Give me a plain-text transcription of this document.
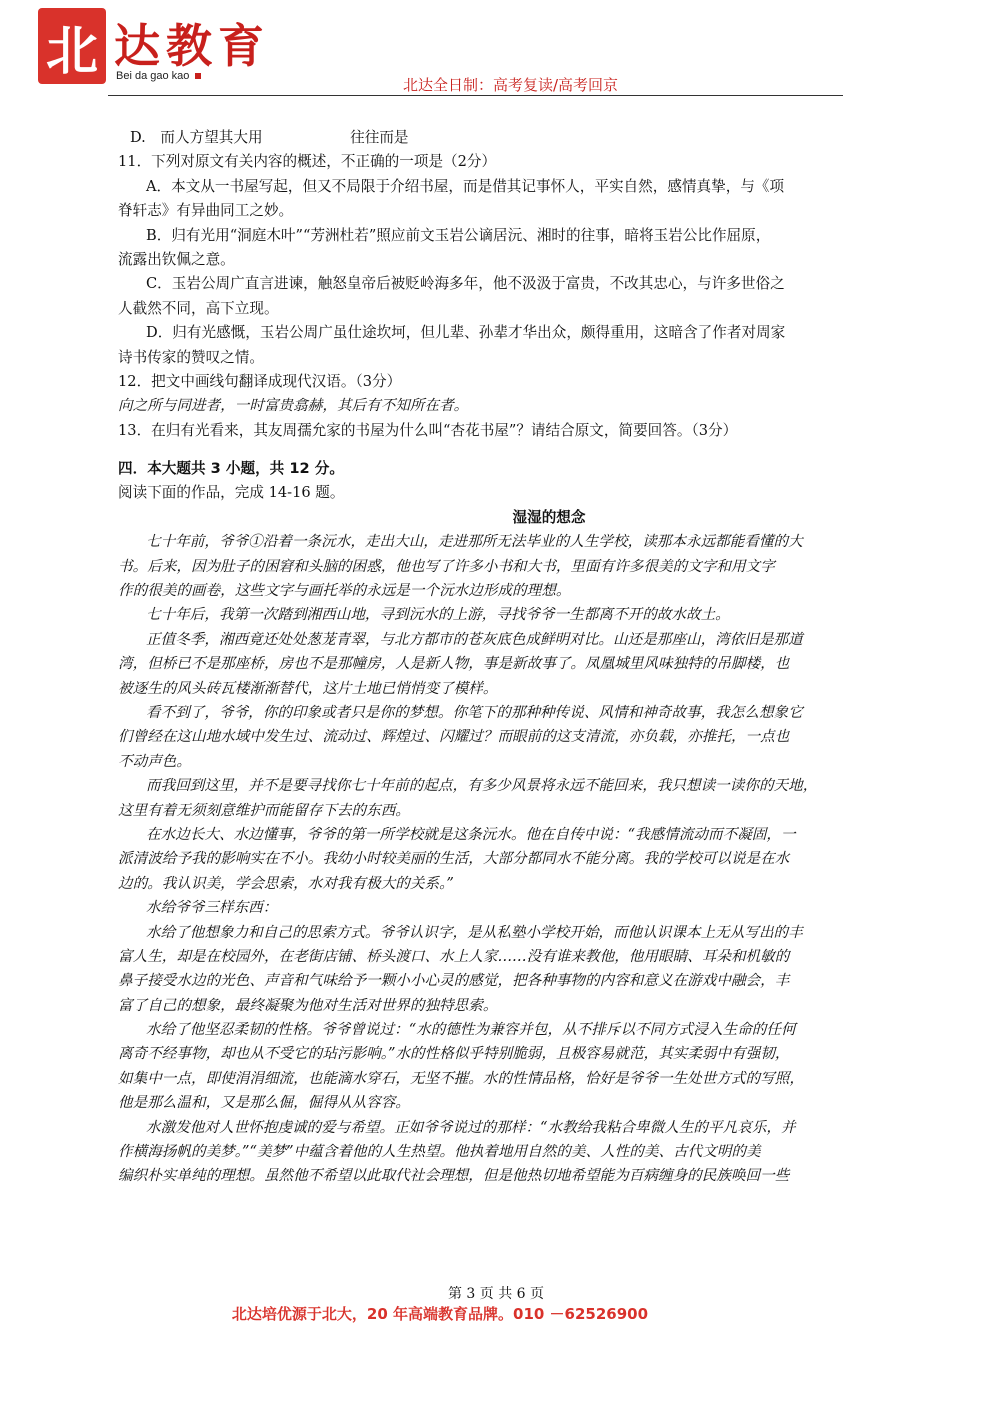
北 达教育
Bei da gao kao	北达全日制：高考复读/高考回京
D.　而人方望其大用　　　　　　往往而是
11．下列对原文有关内容的概述，不正确的一项是（2分）
A．本文从一书屋写起，但又不局限于介绍书屋，而是借其记事怀人，平实自然，感情真挚，与《项
脊轩志》有异曲同工之妙。
B．归有光用“洞庭木叶”“芳洲杜若”照应前文玉岩公谪居沅、湘时的往事，暗将玉岩公比作屈原，
流露出钦佩之意。
C．玉岩公周广直言进谏，触怒皇帝后被贬岭海多年，他不汲汲于富贵，不改其忠心，与许多世俗之
人截然不同，高下立现。
D．归有光感慨，玉岩公周广虽仕途坎坷，但儿辈、孙辈才华出众，颇得重用，这暗含了作者对周家
诗书传家的赞叹之情。
12．把文中画线句翻译成现代汉语。（3分）
向之所与同进者，一时富贵翕赫，其后有不知所在者。
13．在归有光看来，其友周孺允家的书屋为什么叫“杏花书屋”？请结合原文，简要回答。（3分）
四．本大题共 3 小题，共 12 分。
阅读下面的作品，完成 14-16 题。
湿湿的想念
七十年前，爷爷①沿着一条沅水，走出大山，走进那所无法毕业的人生学校，读那本永远都能看懂的大
书。后来，因为肚子的困窘和头脑的困惑，他也写了许多小书和大书，里面有许多很美的文字和用文字
作的很美的画卷，这些文字与画托举的永远是一个沅水边形成的理想。
七十年后，我第一次踏到湘西山地，寻到沅水的上游，寻找爷爷一生都离不开的故水故土。
正值冬季，湘西竟还处处葱茏青翠，与北方都市的苍灰底色成鲜明对比。山还是那座山，湾依旧是那道
湾，但桥已不是那座桥，房也不是那幢房，人是新人物，事是新故事了。凤凰城里风味独特的吊脚楼，也
被逐生的风头砖瓦楼渐渐替代，这片土地已悄悄变了模样。
看不到了，爷爷，你的印象或者只是你的梦想。你笔下的那种种传说、风情和神奇故事，我怎么想象它
们曾经在这山地水域中发生过、流动过、辉煌过、闪耀过？而眼前的这支清流，亦负载，亦推托，一点也
不动声色。
而我回到这里，并不是要寻找你七十年前的起点，有多少风景将永远不能回来，我只想读一读你的天地，
这里有着无须刻意维护而能留存下去的东西。
在水边长大、水边懂事，爷爷的第一所学校就是这条沅水。他在自传中说：“我感情流动而不凝固，一
派清波给予我的影响实在不小。我幼小时较美丽的生活，大部分都同水不能分离。我的学校可以说是在水
边的。我认识美，学会思索，水对我有极大的关系。”
水给爷爷三样东西：
水给了他想象力和自己的思索方式。爷爷认识字，是从私塾小学校开始，而他认识课本上无从写出的丰
富人生，却是在校园外，在老街店铺、桥头渡口、水上人家……没有谁来教他，他用眼睛、耳朵和机敏的
鼻子接受水边的光色、声音和气味给予一颗小小心灵的感觉，把各种事物的内容和意义在游戏中融会，丰
富了自己的想象，最终凝聚为他对生活对世界的独特思索。
水给了他坚忍柔韧的性格。爷爷曾说过：“水的德性为兼容并包，从不排斥以不同方式浸入生命的任何
离奇不经事物，却也从不受它的玷污影响。”水的性格似乎特别脆弱，且极容易就范，其实柔弱中有强韧，
如集中一点，即使涓涓细流，也能滴水穿石，无坚不摧。水的性情品格，恰好是爷爷一生处世方式的写照，
他是那么温和，又是那么倔，倔得从从容容。
水激发他对人世怀抱虔诚的爱与希望。正如爷爷说过的那样：“水教给我粘合卑微人生的平凡哀乐，并
作横海扬帆的美梦。”“美梦”中蕴含着他的人生热望。他执着地用自然的美、人性的美、古代文明的美
编织朴实单纯的理想。虽然他不希望以此取代社会理想，但是他热切地希望能为百病缠身的民族唤回一些
第 3 页 共 6 页
北达培优源于北大，20 年高端教育品牌。010 －62526900
